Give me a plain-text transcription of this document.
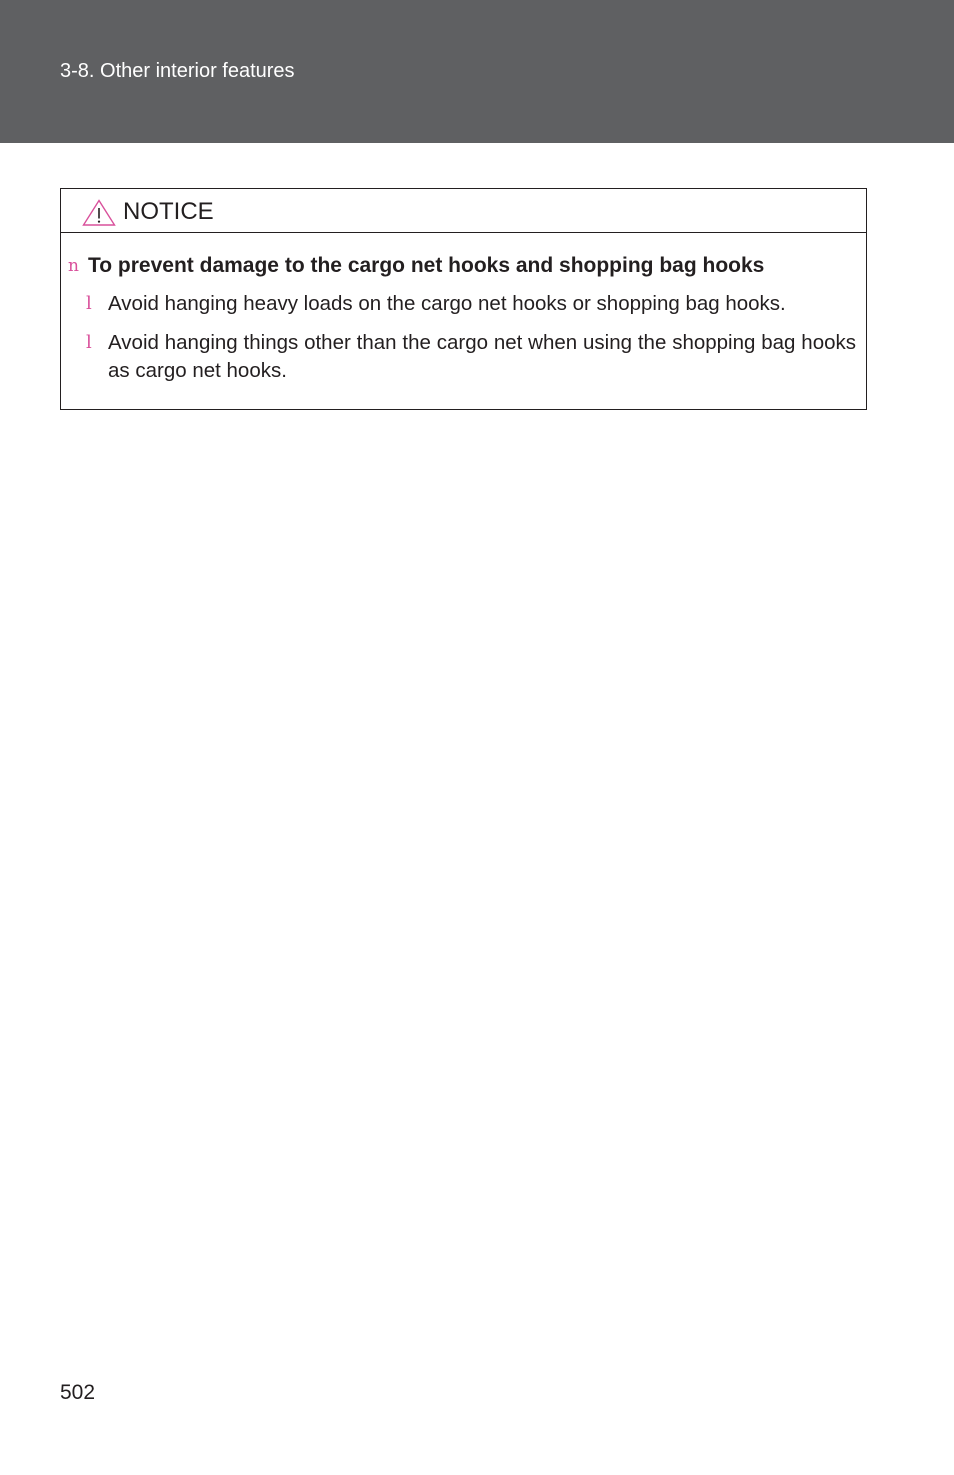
3-8. Other interior features
NOTICE
n To prevent damage to the cargo net hooks and shopping bag hooks
l Avoid hanging heavy loads on the cargo net hooks or shopping bag hooks.
l Avoid hanging things other than the cargo net when using the shopping bag hooks as cargo net hooks.
502
